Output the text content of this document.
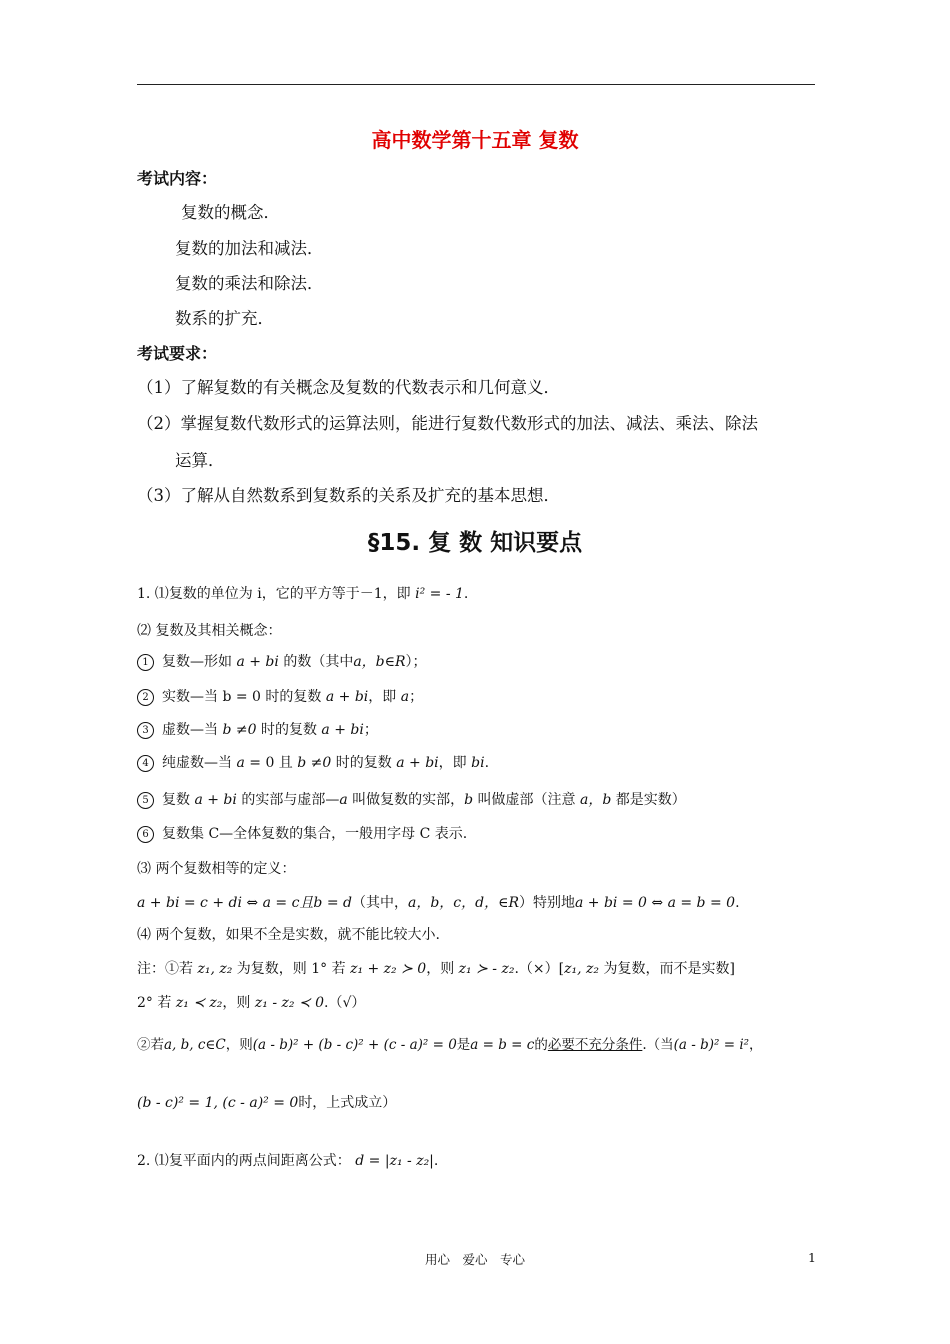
高中数学第十五章 复数
考试内容：
复数的概念．
复数的加法和减法．
复数的乘法和除法．
数系的扩充．
考试要求：
（1）了解复数的有关概念及复数的代数表示和几何意义．
（2）掌握复数代数形式的运算法则，能进行复数代数形式的加法、减法、乘法、除法
运算．
（3）了解从自然数系到复数系的关系及扩充的基本思想．
§15. 复 数 知识要点
1. ⑴复数的单位为 i，它的平方等于－1，即 i² = - 1.
⑵ 复数及其相关概念：
1 复数—形如 a + bi 的数（其中a，b∈R）；
2 实数—当 b = 0 时的复数 a + bi，即 a；
3 虚数—当 b ≠0 时的复数 a + bi；
4 纯虚数—当 a = 0 且 b ≠0 时的复数 a + bi，即 bi.
5 复数 a + bi 的实部与虚部—a 叫做复数的实部，b 叫做虚部（注意 a，b 都是实数）
6 复数集 C—全体复数的集合，一般用字母 C 表示.
⑶ 两个复数相等的定义：
a + bi = c + di ⇔ a = c且b = d（其中，a，b，c，d，∈R）特别地a + bi = 0 ⇔ a = b = 0.
⑷ 两个复数，如果不全是实数，就不能比较大小.
注：①若 z₁, z₂ 为复数，则 1° 若 z₁ + z₂ ≻ 0，则 z₁ ≻ - z₂.（×）[z₁, z₂ 为复数，而不是实数]
2° 若 z₁ ≺ z₂，则 z₁ - z₂ ≺ 0.（√）
②若a, b, c∈C，则(a - b)² + (b - c)² + (c - a)² = 0是a = b = c的必要不充分条件.（当(a - b)² = i²，
(b - c)² = 1, (c - a)² = 0时，上式成立）
2. ⑴复平面内的两点间距离公式： d = |z₁ - z₂|.
用心　爱心　专心	1
